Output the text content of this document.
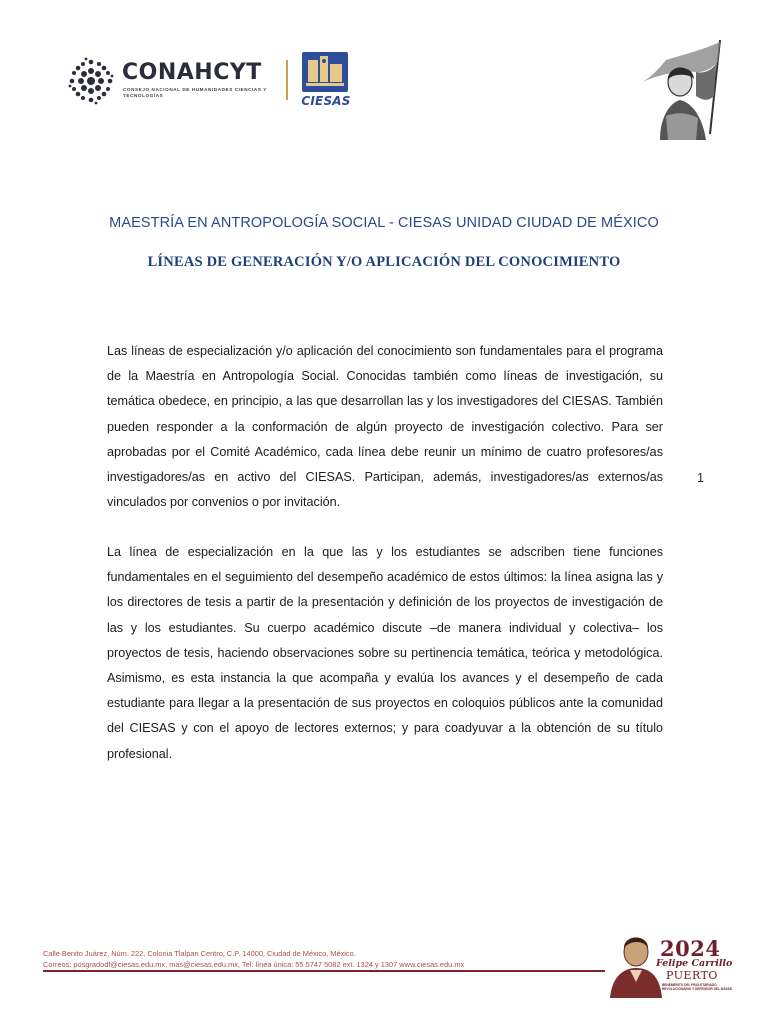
CONAHCYT
CONSEJO NACIONAL DE HUMANIDADES CIENCIAS Y TECNOLOGÍAS	CIESAS
MAESTRÍA EN ANTROPOLOGÍA SOCIAL - CIESAS UNIDAD CIUDAD DE MÉXICO
LÍNEAS DE GENERACIÓN Y/O APLICACIÓN DEL CONOCIMIENTO
Las líneas de especialización y/o aplicación del conocimiento son fundamentales para el programa de la Maestría en Antropología Social. Conocidas también como líneas de investigación, su temática obedece, en principio, a las que desarrollan las y los investigadores del CIESAS. También pueden responder a la conformación de algún proyecto de investigación colectivo. Para ser aprobadas por el Comité Académico, cada línea debe reunir un mínimo de cuatro profesores/as investigadores/as en activo del CIESAS. Participan, además, investigadores/as externos/as vinculados por convenios o por invitación.
1
La línea de especialización en la que las y los estudiantes se adscriben tiene funciones fundamentales en el seguimiento del desempeño académico de estos últimos: la línea asigna las y los directores de tesis a partir de la presentación y definición de los proyectos de investigación de las y los estudiantes. Su cuerpo académico discute –de manera individual y colectiva– los proyectos de tesis, haciendo observaciones sobre su pertinencia temática, teórica y metodológica. Asimismo, es esta instancia la que acompaña y evalúa los avances y el desempeño de cada estudiante para llegar a la presentación de sus proyectos en coloquios públicos ante la comunidad del CIESAS y con el apoyo de lectores externos; y para coadyuvar a la obtención de su título profesional.
Calle Benito Juárez, Núm. 222, Colonia Tlalpan Centro, C.P. 14000, Ciudad de México, México.
Correos: posgradodf@ciesas.edu.mx, mas@ciesas.edu.mx, Tel: línea única: 55 5747 5082 ext. 1324 y 1307 www.ciesas.edu.mx
2024
Felipe Carrillo
PUERTO
BENEMÉRITO DEL PROLETARIADO, REVOLUCIONARIO Y DEFENSOR DEL MAYAB
